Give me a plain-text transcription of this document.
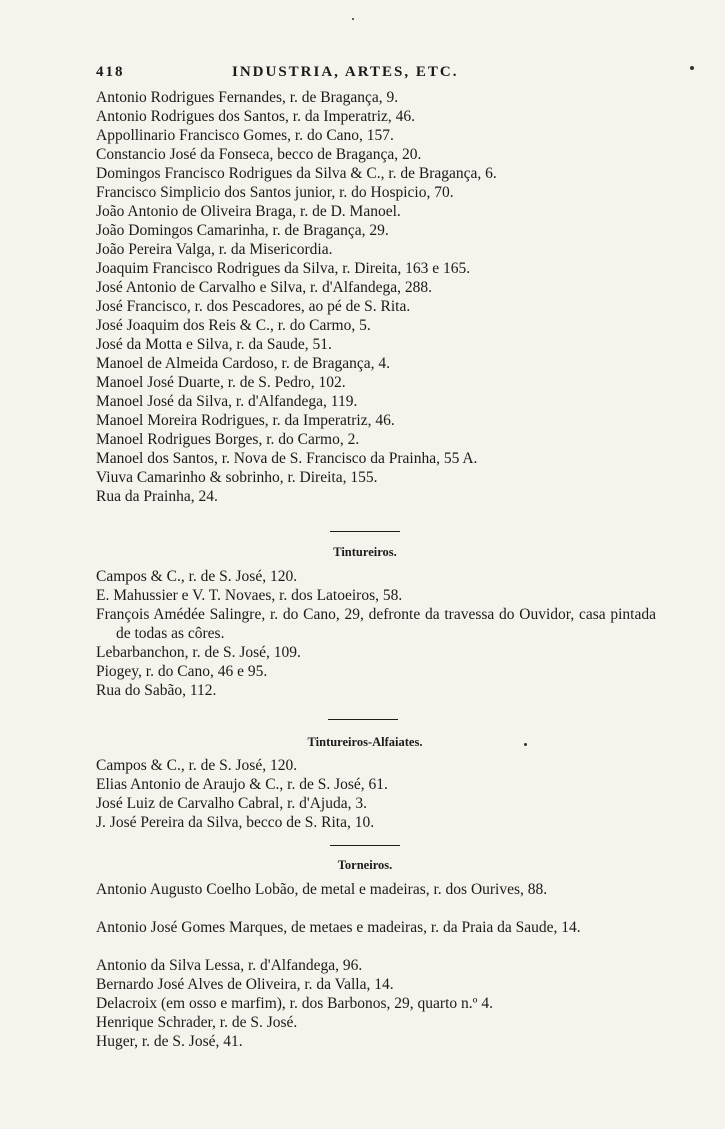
418	INDUSTRIA, ARTES, ETC.

Antonio Rodrigues Fernandes, r. de Bragança, 9.

Antonio Rodrigues dos Santos, r. da Imperatriz, 46.

Appollinario Francisco Gomes, r. do Cano, 157.

Constancio José da Fonseca, becco de Bragança, 20.

Domingos Francisco Rodrigues da Silva & C., r. de Bragança, 6.

Francisco Simplicio dos Santos junior, r. do Hospicio, 70.

João Antonio de Oliveira Braga, r. de D. Manoel.

João Domingos Camarinha, r. de Bragança, 29.

João Pereira Valga, r. da Misericordia.

Joaquim Francisco Rodrigues da Silva, r. Direita, 163 e 165.

José Antonio de Carvalho e Silva, r. d'Alfandega, 288.

José Francisco, r. dos Pescadores, ao pé de S. Rita.

José Joaquim dos Reis & C., r. do Carmo, 5.

José da Motta e Silva, r. da Saude, 51.

Manoel de Almeida Cardoso, r. de Bragança, 4.

Manoel José Duarte, r. de S. Pedro, 102.

Manoel José da Silva, r. d'Alfandega, 119.

Manoel Moreira Rodrigues, r. da Imperatriz, 46.

Manoel Rodrigues Borges, r. do Carmo, 2.

Manoel dos Santos, r. Nova de S. Francisco da Prainha, 55 A.

Viuva Camarinho & sobrinho, r. Direita, 155.

Rua da Prainha, 24.

Tintureiros.

Campos & C., r. de S. José, 120.

E. Mahussier e V. T. Novaes, r. dos Latoeiros, 58.

François Amédée Salingre, r. do Cano, 29, defronte da travessa do Ouvidor, casa pintada de todas as côres.

Lebarbanchon, r. de S. José, 109.

Piogey, r. do Cano, 46 e 95.

Rua do Sabão, 112.

Tintureiros-Alfaiates.

Campos & C., r. de S. José, 120.

Elias Antonio de Araujo & C., r. de S. José, 61.

José Luiz de Carvalho Cabral, r. d'Ajuda, 3.

J. José Pereira da Silva, becco de S. Rita, 10.

Torneiros.

Antonio Augusto Coelho Lobão, de metal e madeiras, r. dos Ourives, 88.

Antonio José Gomes Marques, de metaes e madeiras, r. da Praia da Saude, 14.

Antonio da Silva Lessa, r. d'Alfandega, 96.

Bernardo José Alves de Oliveira, r. da Valla, 14.

Delacroix (em osso e marfim), r. dos Barbonos, 29, quarto n.º 4.

Henrique Schrader, r. de S. José.

Huger, r. de S. José, 41.
